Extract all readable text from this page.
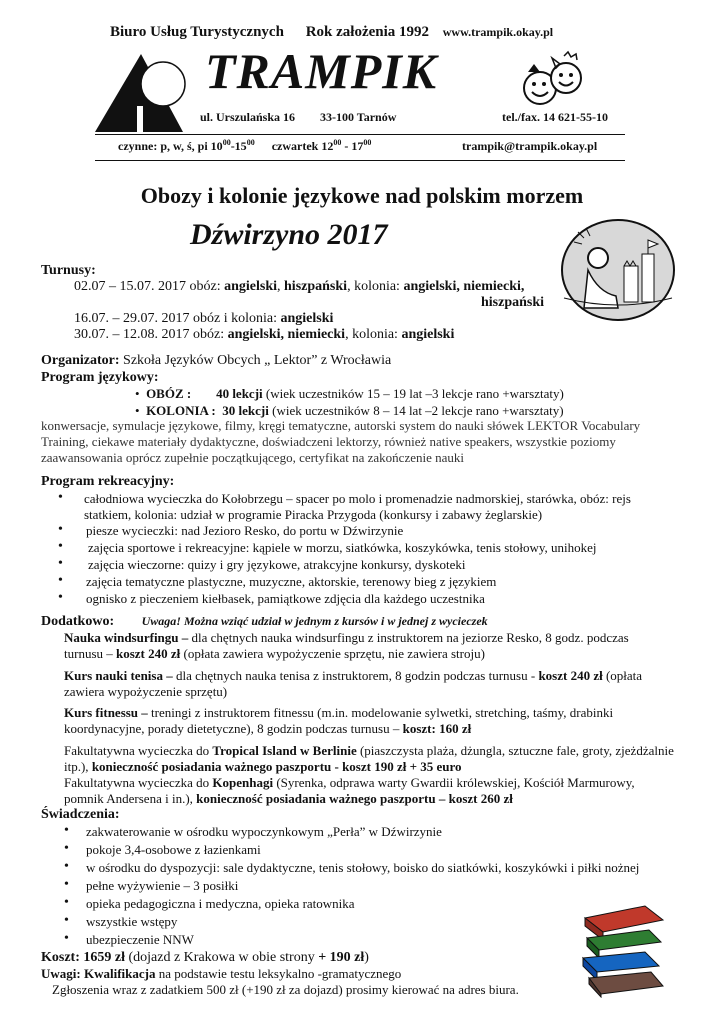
Biuro Usług Turystycznych Rok założenia 1992 www.trampik.okay.pl
TRAMPIK
ul. Urszulańska 16 33-100 Tarnów	tel./fax. 14 621-55-10
czynne: p, w, ś, pi $10^{00}-15^{00}$ czwartek $12^{00} - 17^{00}$	trampik@trampik.okay.pl
Obozy i kolonie językowe nad polskim morzem
Dźwirzyno 2017
Turnusy:
02.07 – 15.07. 2017 obóz: angielski, hiszpański, kolonia: angielski, niemiecki,
hiszpański
16.07. – 29.07. 2017 obóz i kolonia: angielski
30.07. – 12.08. 2017 obóz: angielski, niemiecki, kolonia: angielski
Organizator: Szkoła Języków Obcych „ Lektor” z Wrocławia
Program językowy:
•  OBÓZ : 40 lekcji (wiek uczestników 15 – 19 lat –3 lekcje rano +warsztaty)
•  KOLONIA : 30 lekcji (wiek uczestników 8 – 14 lat –2 lekcje rano +warsztaty)
konwersacje, symulacje językowe, filmy, kręgi tematyczne, autorski system do nauki słówek LEKTOR Vocabulary Training, ciekawe materiały dydaktyczne, doświadczeni lektorzy, również native speakers, wszystkie poziomy zaawansowania oprócz zupełnie początkującego, certyfikat na zakończenie nauki
Program rekreacyjny:
• całodniowa wycieczka do Kołobrzegu – spacer po molo i promenadzie nadmorskiej, starówka, obóz: rejs statkiem, kolonia: udział w programie Piracka Przygoda (konkursy i zabawy żeglarskie)
• piesze wycieczki: nad Jezioro Resko, do portu w Dźwirzynie
• zajęcia sportowe i rekreacyjne: kąpiele w morzu, siatkówka, koszykówka, tenis stołowy, unihokej
• zajęcia wieczorne: quizy i gry językowe, atrakcyjne konkursy, dyskoteki
• zajęcia tematyczne plastyczne, muzyczne, aktorskie, terenowy bieg z językiem
• ognisko z pieczeniem kiełbasek, pamiątkowe zdjęcia dla każdego uczestnika
Dodatkowo: Uwaga! Można wziąć udział w jednym z kursów i w jednej z wycieczek
Nauka windsurfingu – dla chętnych nauka windsurfingu z instruktorem na jeziorze Resko, 8 godz. podczas turnusu – koszt 240 zł (opłata zawiera wypożyczenie sprzętu, nie zawiera stroju)
Kurs nauki tenisa – dla chętnych nauka tenisa z instruktorem, 8 godzin podczas turnusu - koszt 240 zł (opłata zawiera wypożyczenie sprzętu)
Kurs fitnessu – treningi z instruktorem fitnessu (m.in. modelowanie sylwetki, stretching, taśmy, drabinki koordynacyjne, porady dietetyczne), 8 godzin podczas turnusu – koszt: 160 zł
Fakultatywna wycieczka do Tropical Island w Berlinie (piaszczysta plaża, dżungla, sztuczne fale, groty, zjeżdżalnie itp.), konieczność posiadania ważnego paszportu - koszt 190 zł + 35 euro
Fakultatywna wycieczka do Kopenhagi (Syrenka, odprawa warty Gwardii królewskiej, Kościół Marmurowy, pomnik Andersena i in.), konieczność posiadania ważnego paszportu – koszt 260 zł
Świadczenia:
• zakwaterowanie w ośrodku wypoczynkowym „Perła” w Dźwirzynie
• pokoje 3,4-osobowe z łazienkami
• w ośrodku do dyspozycji: sale dydaktyczne, tenis stołowy, boisko do siatkówki, koszykówki i piłki nożnej
• pełne wyżywienie – 3 posiłki
• opieka pedagogiczna i medyczna, opieka ratownika
• wszystkie wstępy
• ubezpieczenie NNW
Koszt: 1659 zł (dojazd z Krakowa w obie strony + 190 zł)
Uwagi: Kwalifikacja na podstawie testu leksykalno -gramatycznego
Zgłoszenia wraz z zadatkiem 500 zł (+190 zł za dojazd) prosimy kierować na adres biura.
